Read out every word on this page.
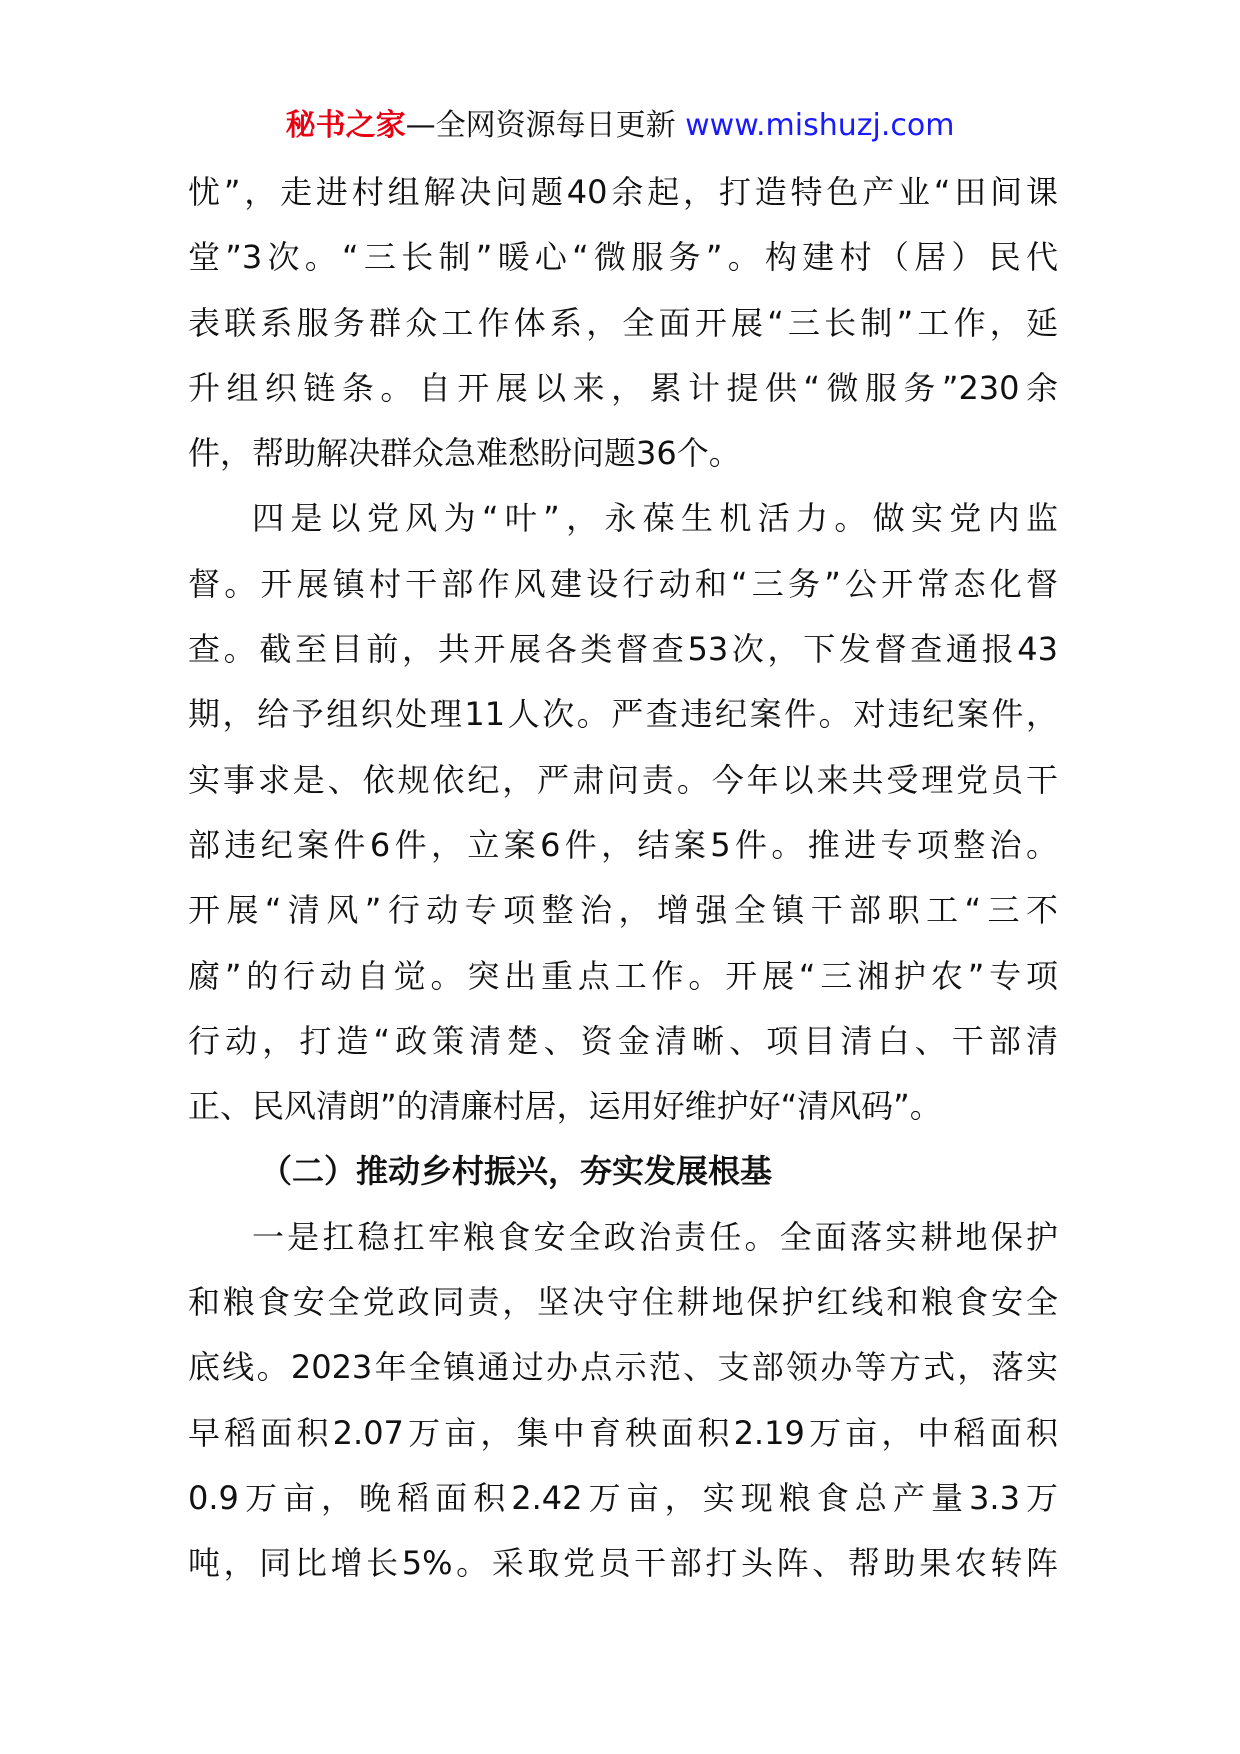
秘书之家—全网资源每日更新 www.mishuzj.com
忧”，走进村组解决问题40余起，打造特色产业“田间课
堂”3次。“三长制”暖心“微服务”。构建村（居）民代
表联系服务群众工作体系，全面开展“三长制”工作，延
升组织链条。自开展以来，累计提供“微服务”230余
件，帮助解决群众急难愁盼问题36个。
四是以党风为“叶”，永葆生机活力。做实党内监
督。开展镇村干部作风建设行动和“三务”公开常态化督
查。截至目前，共开展各类督查53次，下发督查通报43
期，给予组织处理11人次。严查违纪案件。对违纪案件，
实事求是、依规依纪，严肃问责。今年以来共受理党员干
部违纪案件6件，立案6件，结案5件。推进专项整治。
开展“清风”行动专项整治，增强全镇干部职工“三不
腐”的行动自觉。突出重点工作。开展“三湘护农”专项
行动，打造“政策清楚、资金清晰、项目清白、干部清
正、民风清朗”的清廉村居，运用好维护好“清风码”。
（二）推动乡村振兴，夯实发展根基
一是扛稳扛牢粮食安全政治责任。全面落实耕地保护
和粮食安全党政同责，坚决守住耕地保护红线和粮食安全
底线。2023年全镇通过办点示范、支部领办等方式，落实
早稻面积2.07万亩，集中育秧面积2.19万亩，中稻面积
0.9万亩，晚稻面积2.42万亩，实现粮食总产量3.3万
吨，同比增长5%。采取党员干部打头阵、帮助果农转阵
